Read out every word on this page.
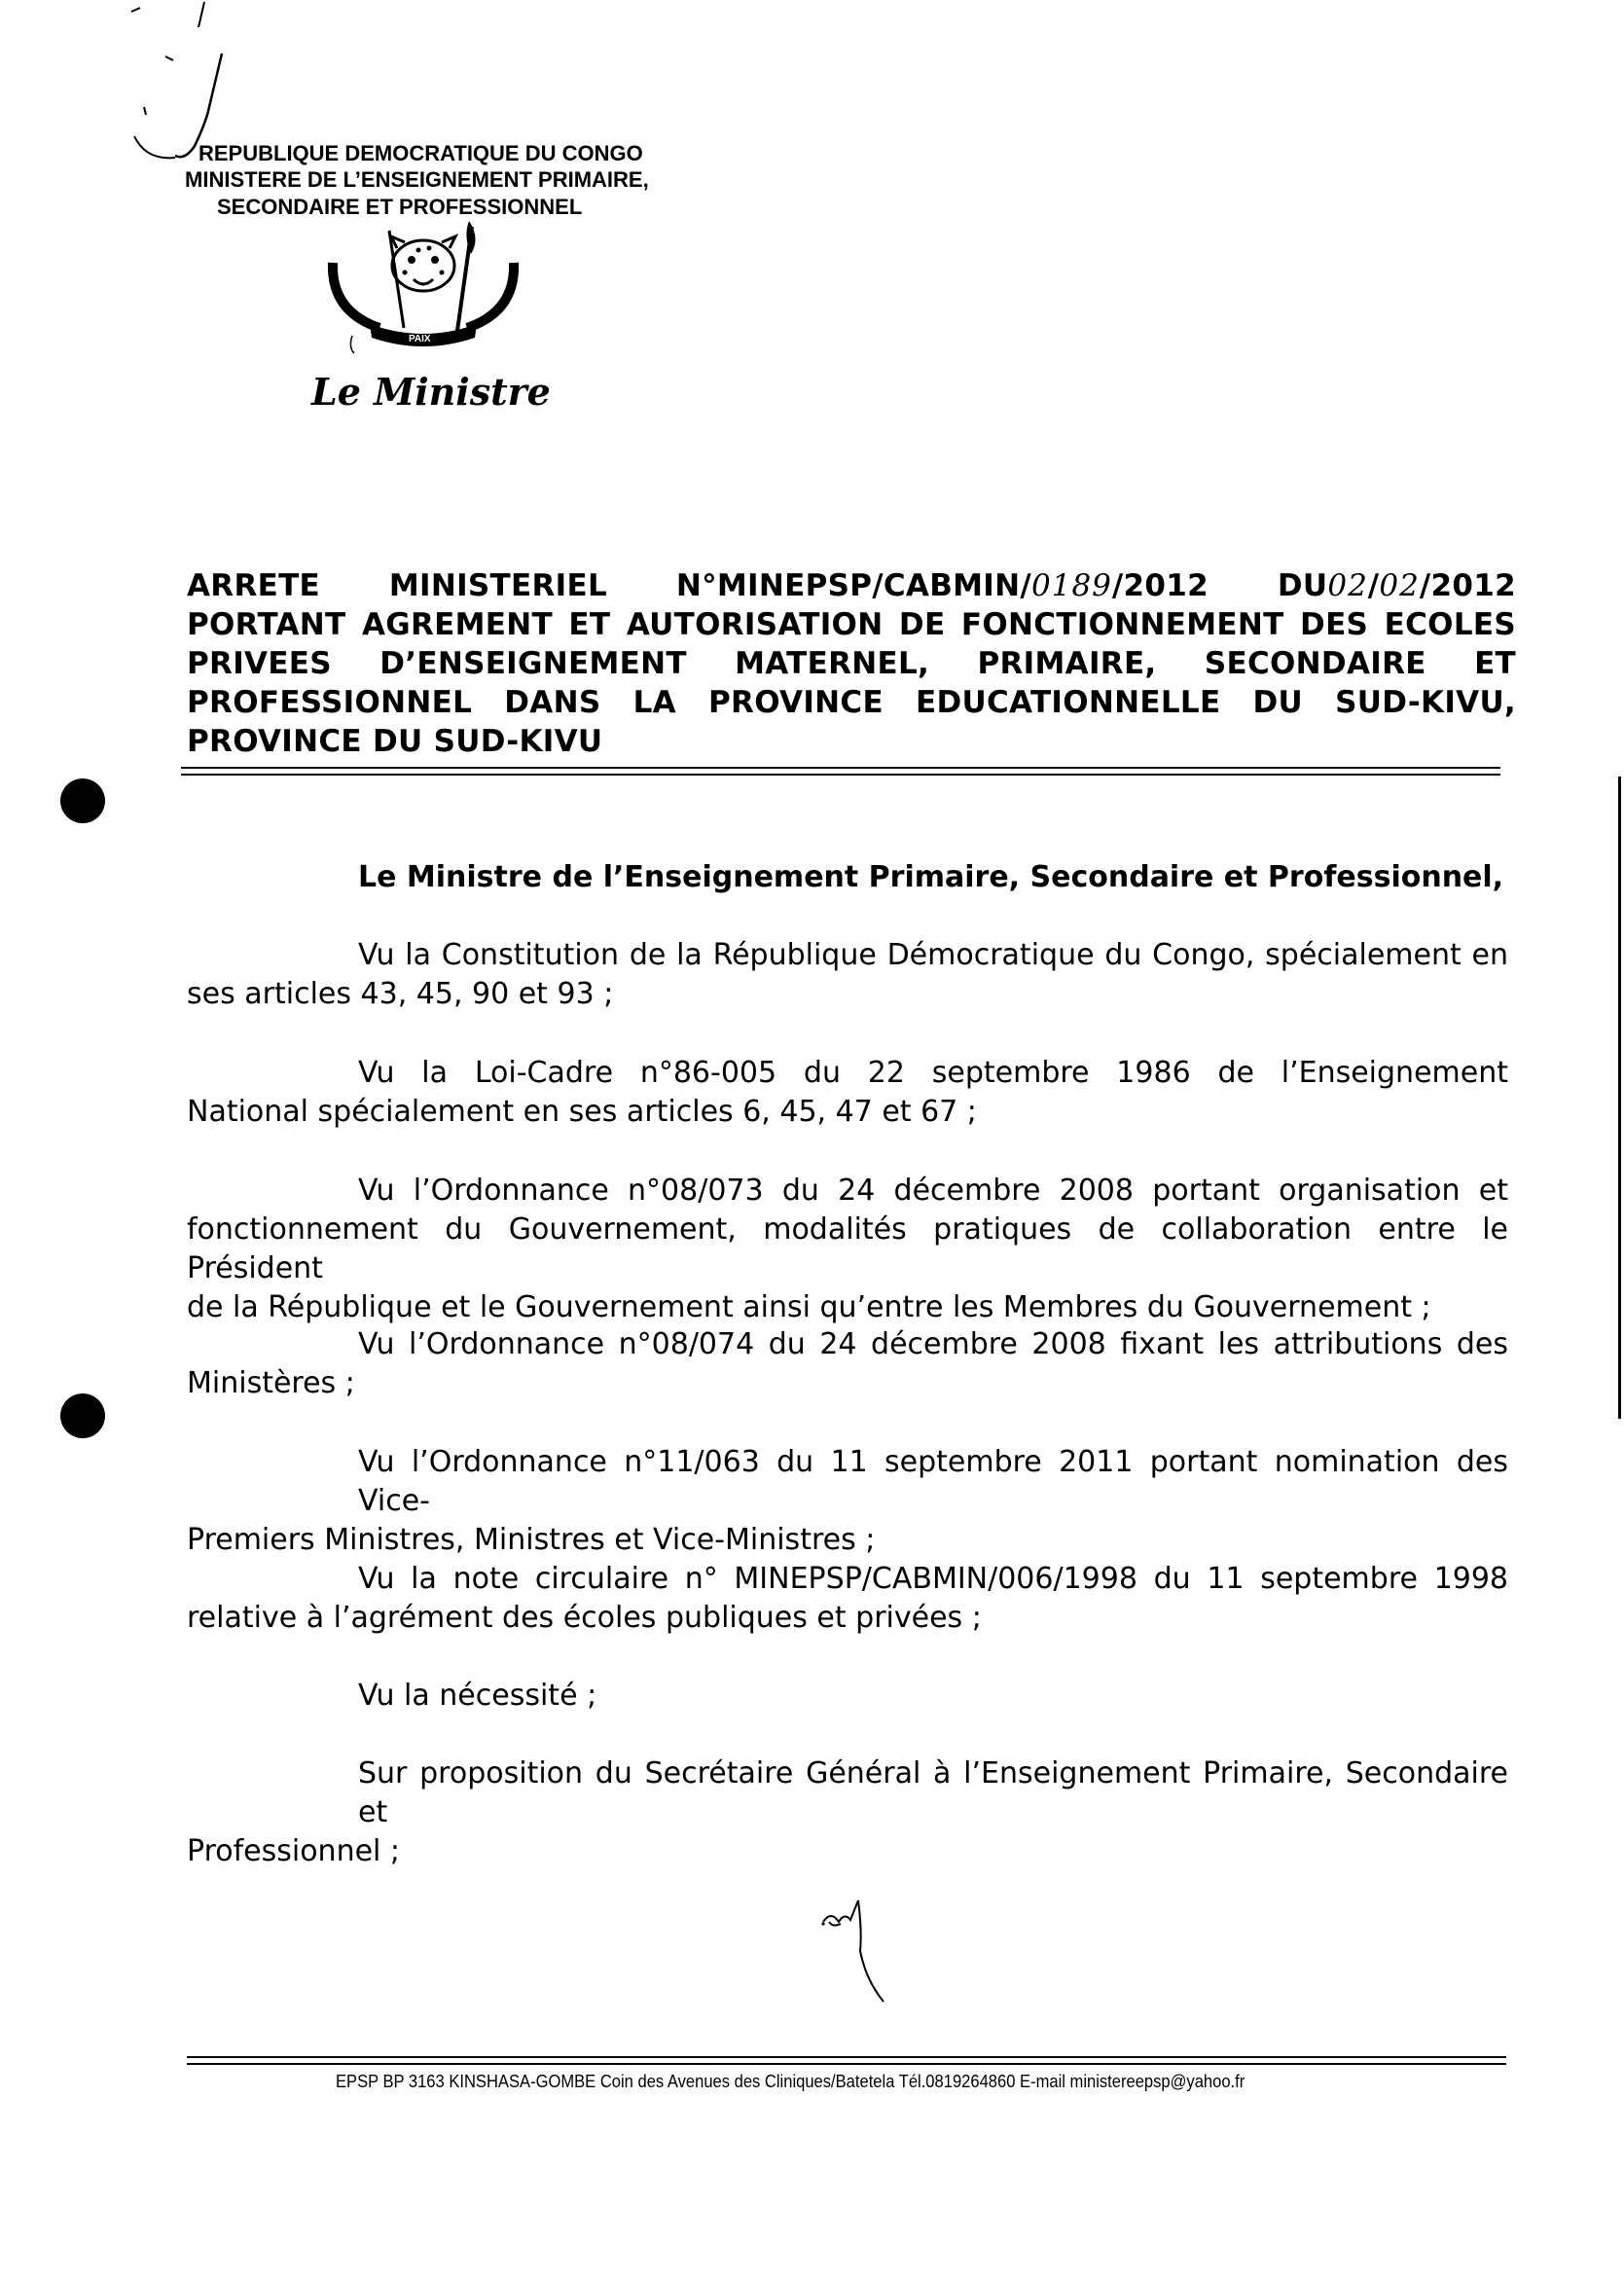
REPUBLIQUE DEMOCRATIQUE DU CONGO
MINISTERE DE L’ENSEIGNEMENT PRIMAIRE,
SECONDAIRE ET PROFESSIONNEL
JUSTICE
PAIX
TRAVAIL
Le Ministre
ARRETE MINISTERIEL N°MINEPSP/CABMIN/0189/2012 DU02/02/2012
PORTANT AGREMENT ET AUTORISATION DE FONCTIONNEMENT DES ECOLES
PRIVEES D’ENSEIGNEMENT MATERNEL, PRIMAIRE, SECONDAIRE ET
PROFESSIONNEL DANS LA PROVINCE EDUCATIONNELLE DU SUD-KIVU,
PROVINCE DU SUD-KIVU
Le Ministre de l’Enseignement Primaire, Secondaire et Professionnel,
Vu la Constitution de la République Démocratique du Congo, spécialement en
ses articles 43, 45, 90 et 93 ;
Vu la Loi-Cadre n°86-005 du 22 septembre 1986 de l’Enseignement
National spécialement en ses articles 6, 45, 47 et 67 ;
Vu l’Ordonnance n°08/073 du 24 décembre 2008 portant organisation et
fonctionnement du Gouvernement, modalités pratiques de collaboration entre le Président
de la République et le Gouvernement ainsi qu’entre les Membres du Gouvernement ;
Vu l’Ordonnance n°08/074 du 24 décembre 2008 fixant les attributions des
Ministères ;
Vu l’Ordonnance n°11/063 du 11 septembre 2011 portant nomination des Vice-
Premiers Ministres, Ministres et Vice-Ministres ;
Vu la note circulaire n° MINEPSP/CABMIN/006/1998 du 11 septembre 1998
relative à l’agrément des écoles publiques et privées ;
Vu la nécessité ;
Sur proposition du Secrétaire Général à l’Enseignement Primaire, Secondaire et
Professionnel ;
EPSP BP 3163 KINSHASA-GOMBE Coin des Avenues des Cliniques/Batetela Tél.0819264860 E-mail ministereepsp@yahoo.fr
